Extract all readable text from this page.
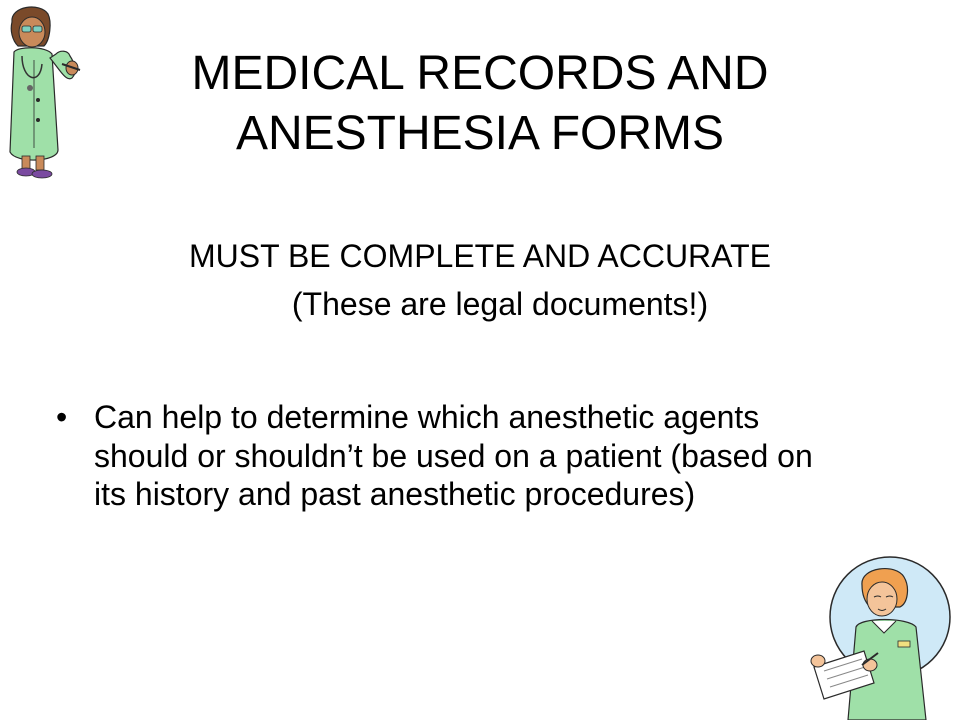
MEDICAL RECORDS AND ANESTHESIA FORMS
MUST BE COMPLETE AND ACCURATE
(These are legal documents!)
• Can help to determine which anesthetic agents should or shouldn’t be used on a patient (based on its history and past anesthetic procedures)
